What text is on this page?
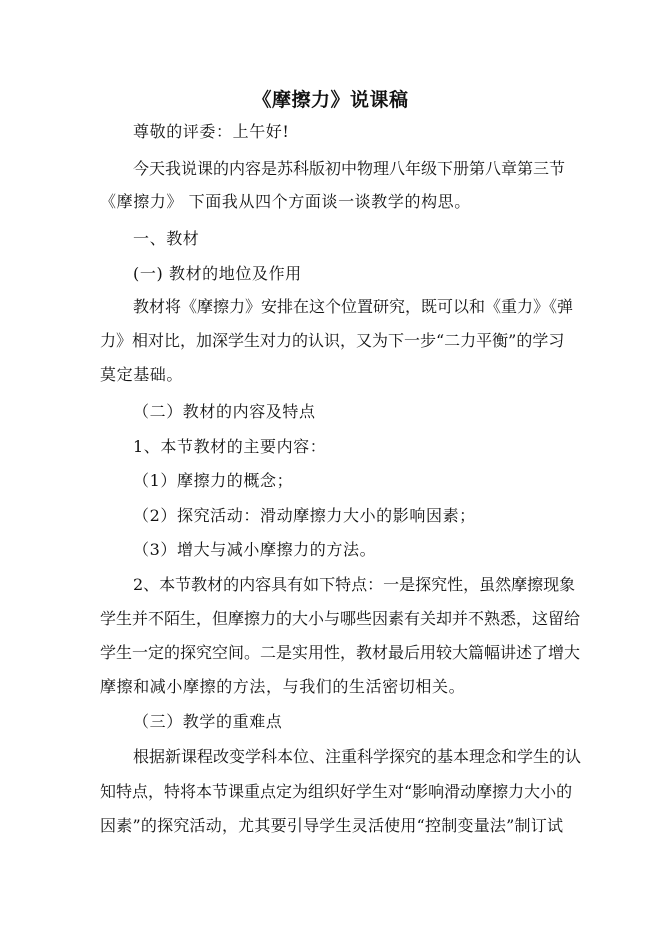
《摩擦力》说课稿
尊敬的评委：上午好!
今天我说课的内容是苏科版初中物理八年级下册第八章第三节
《摩擦力》 下面我从四个方面谈一谈教学的构思。
一、教材
(一) 教材的地位及作用
教材将《摩擦力》安排在这个位置研究，既可以和《重力》《弹
力》相对比，加深学生对力的认识，又为下一步“二力平衡”的学习
莫定基础。
（二）教材的内容及特点
1、本节教材的主要内容：
（1）摩擦力的概念；
（2）探究活动：滑动摩擦力大小的影响因素；
（3）增大与减小摩擦力的方法。
2、本节教材的内容具有如下特点：一是探究性，虽然摩擦现象
学生并不陌生，但摩擦力的大小与哪些因素有关却并不熟悉，这留给
学生一定的探究空间。二是实用性，教材最后用较大篇幅讲述了增大
摩擦和减小摩擦的方法，与我们的生活密切相关。
（三）教学的重难点
根据新课程改变学科本位、注重科学探究的基本理念和学生的认
知特点，特将本节课重点定为组织好学生对“影响滑动摩擦力大小的
因素”的探究活动，尤其要引导学生灵活使用“控制变量法”制订试
